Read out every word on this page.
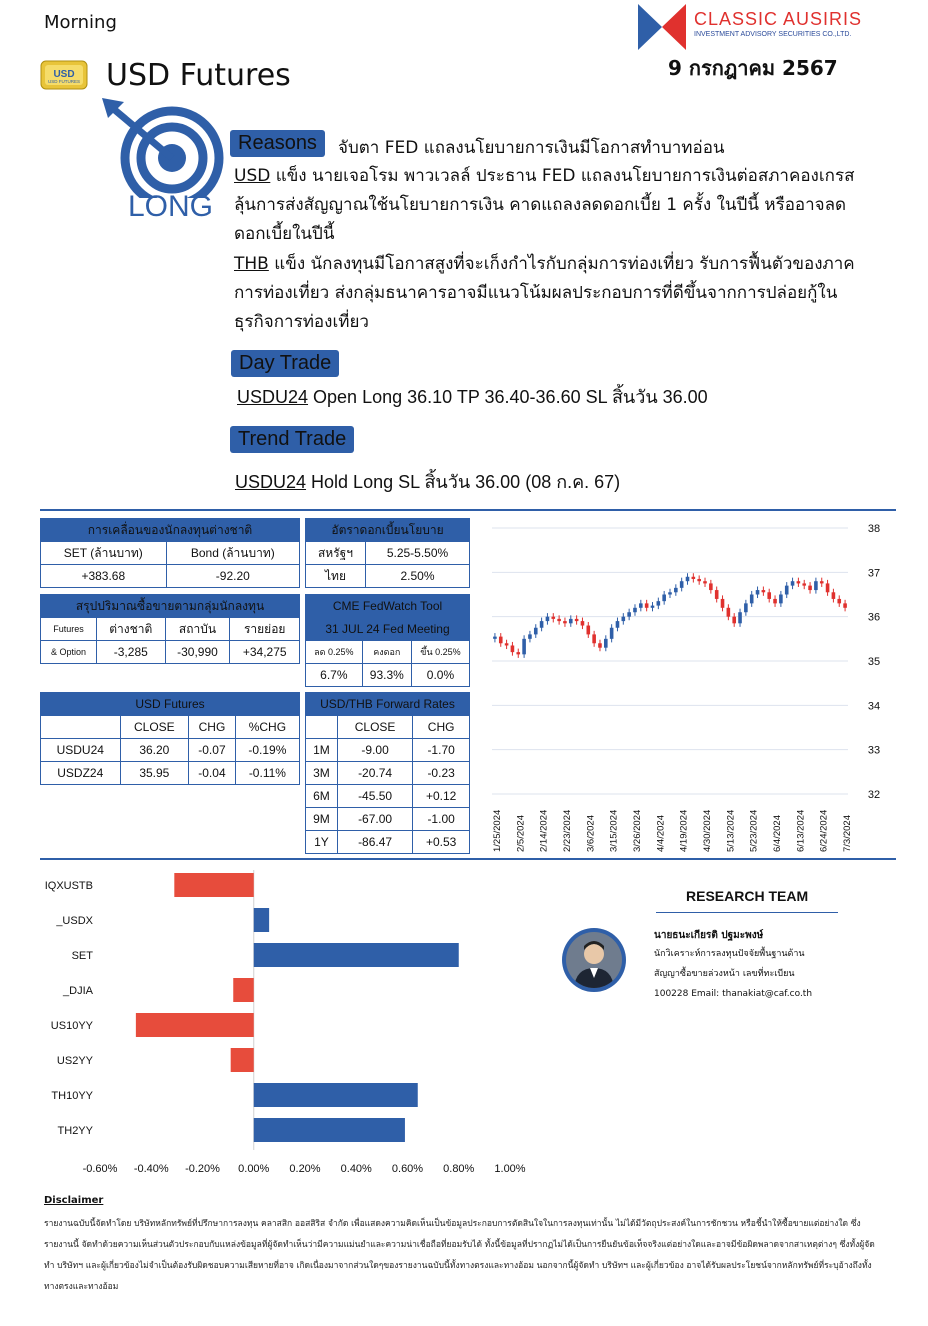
Morning	CLASSIC AUSIRIS
INVESTMENT ADVISORY SECURITIES CO.,LTD.
9 กรกฎาคม 2567
USD
USD FUTURES USD Futures
LONG
Reasons	จับตา FED แถลงนโยบายการเงินมีโอกาสทำบาทอ่อน
USD แข็ง นายเจอโรม พาวเวลล์ ประธาน FED แถลงนโยบายการเงินต่อสภาคองเกรส ลุ้นการส่งสัญญาณใช้นโยบายการเงิน คาดแถลงลดดอกเบี้ย 1 ครั้ง ในปีนี้ หรืออาจลดดอกเบี้ยในปีนี้
THB แข็ง นักลงทุนมีโอกาสสูงที่จะเก็งกำไรกับกลุ่มการท่องเที่ยว รับการฟื้นตัวของภาคการท่องเที่ยว ส่งกลุ่มธนาคารอาจมีแนวโน้มผลประกอบการที่ดีขึ้นจากการปล่อยกู้ในธุรกิจการท่องเที่ยว
Day Trade
USDU24 Open Long 36.10 TP 36.40-36.60 SL สิ้นวัน 36.00
Trend Trade
USDU24 Hold Long SL สิ้นวัน 36.00 (08 ก.ค. 67)
การเคลื่อนของนักลงทุนต่างชาติ	
SET (ล้านบาท)	Bond (ล้านบาท)
+383.68	-92.20
อัตราดอกเบี้ยนโยบาย	
สหรัฐฯ	5.25-5.50%
ไทย	2.50%
สรุปปริมาณซื้อขายตามกลุ่มนักลงทุน			
Futures	ต่างชาติ	สถาบัน	รายย่อย
& Option	-3,285	-30,990	+34,275
CME FedWatch Tool		
31 JUL 24 Fed Meeting		
ลด 0.25%	คงดอก	ขึ้น 0.25%
6.7%	93.3%	0.0%
USD Futures			
	CLOSE	CHG	%CHG
USDU24	36.20	-0.07	-0.19%
USDZ24	35.95	-0.04	-0.11%
USD/THB Forward Rates		
	CLOSE	CHG
1M	-9.00	-1.70
3M	-20.74	-0.23
6M	-45.50	+0.12
9M	-67.00	-1.00
1Y	-86.47	+0.53
38
37
36
35
34
33
32
1/25/2024 2/5/2024 2/14/2024 2/23/2024 3/6/2024 3/15/2024 3/26/2024 4/4/2024 4/19/2024 4/30/2024 5/13/2024 5/23/2024 6/4/2024 6/13/2024 6/24/2024 7/3/2024
IQXUSTB
_USDX
SET
_DJIA
US10YY
US2YY
TH10YY
TH2YY
-0.60% -0.40% -0.20% 0.00% 0.20% 0.40% 0.60% 0.80% 1.00%
RESEARCH TEAM
นายธนะเกียรติ ปฐมะพงษ์
นักวิเคราะห์การลงทุนปัจจัยพื้นฐานด้าน
สัญญาซื้อขายล่วงหน้า เลขที่ทะเบียน
100228 Email: thanakiat@caf.co.th
Disclaimer
รายงานฉบับนี้จัดทำโดย บริษัทหลักทรัพย์ที่ปรึกษาการลงทุน คลาสสิก ออสสิริส จำกัด เพื่อแสดงความคิดเห็นเป็นข้อมูลประกอบการตัดสินใจในการลงทุนเท่านั้น ไม่ได้มีวัตถุประสงค์ในการชักชวน หรือชี้นำให้ซื้อขายแต่อย่างใด ซึ่งรายงานนี้ จัดทำด้วยความเห็นส่วนตัวประกอบกับแหล่งข้อมูลที่ผู้จัดทำเห็นว่ามีความแม่นยำและความน่าเชื่อถือที่ยอมรับได้ ทั้งนี้ข้อมูลที่ปรากฏไม่ได้เป็นการยืนยันข้อเท็จจริงแต่อย่างใดและอาจมีข้อผิดพลาดจากสาเหตุต่างๆ ซึ่งทั้งผู้จัดทำ บริษัทฯ และผู้เกี่ยวข้องไม่จำเป็นต้องรับผิดชอบความเสียหายที่อาจ เกิดเนื่องมาจากส่วนใดๆของรายงานฉบับนี้ทั้งทางตรงและทางอ้อม นอกจากนี้ผู้จัดทำ บริษัทฯ และผู้เกี่ยวข้อง อาจได้รับผลประโยชน์จากหลักทรัพย์ที่ระบุอ้างถึงทั้งทางตรงและทางอ้อม
